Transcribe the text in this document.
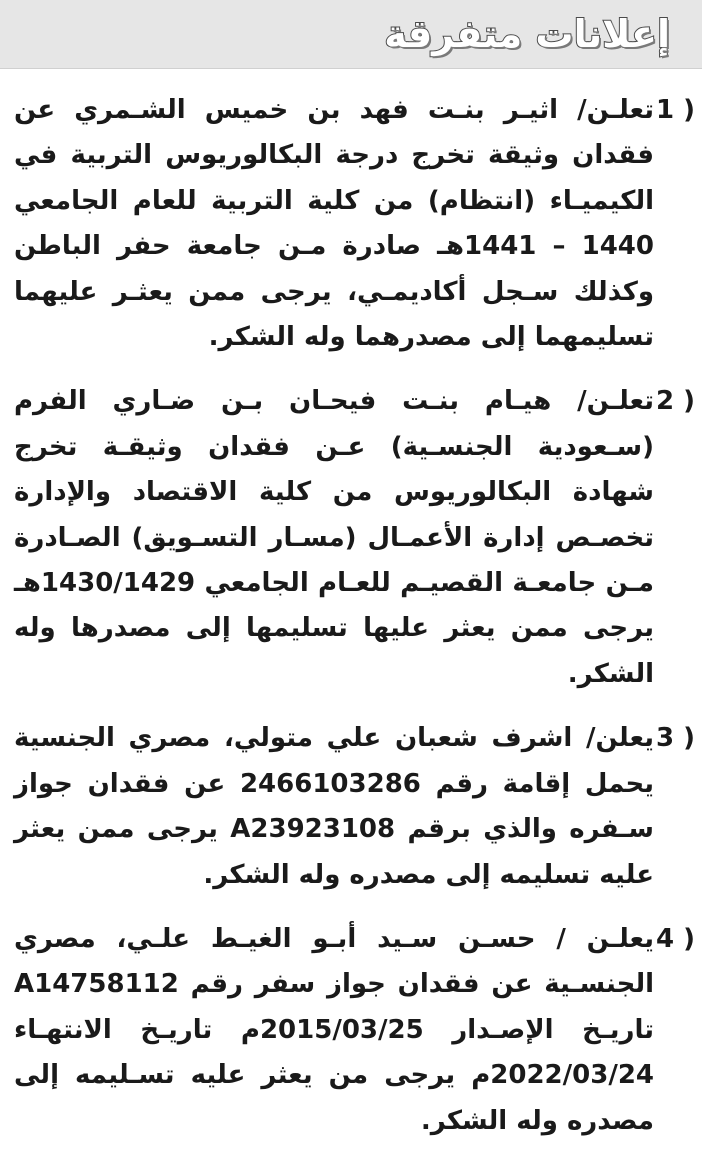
إعلانات متفرقة
1 )
تعلـن/ اثيـر بنـت فهد بن خميس الشـمري عن فقدان وثيقة تخرج درجة البكالوريوس التربية في الكيميـاء (انتظام) من كلية التربية للعام الجامعي 1440 – 1441هـ صادرة مـن جامعة حفر الباطن وكذلك سـجل أكاديمـي، يرجى ممن يعثـر عليهما تسليمهما إلى مصدرهما وله الشكر.
2 )
تعلـن/ هيـام بنـت فيحـان بـن ضـاري الفرم (سـعودية الجنسـية) عـن فقدان وثيقـة تخرج شهادة البكالوريوس من كلية الاقتصاد والإدارة تخصـص إدارة الأعمـال (مسـار التسـويق) الصـادرة مـن جامعـة القصيـم للعـام الجامعي 1430/1429هـ يرجى ممن يعثر عليها تسليمها إلى مصدرها وله الشكر.
3 )
يعلن/ اشرف شعبان علي متولي، مصري الجنسية يحمل إقامة رقم 2466103286 عن فقدان جواز سـفره والذي برقم A23923108 يرجى ممن يعثر عليه تسليمه إلى مصدره وله الشكر.
4 )
يعلـن / حسـن سـيد أبـو الغيـط علـي، مصري الجنسـية عن فقدان جواز سفر رقم A14758112 تاريـخ الإصـدار 2015/03/25م تاريـخ الانتهـاء 2022/03/24م يرجى من يعثر عليه تسـليمه إلى مصدره وله الشكر.
